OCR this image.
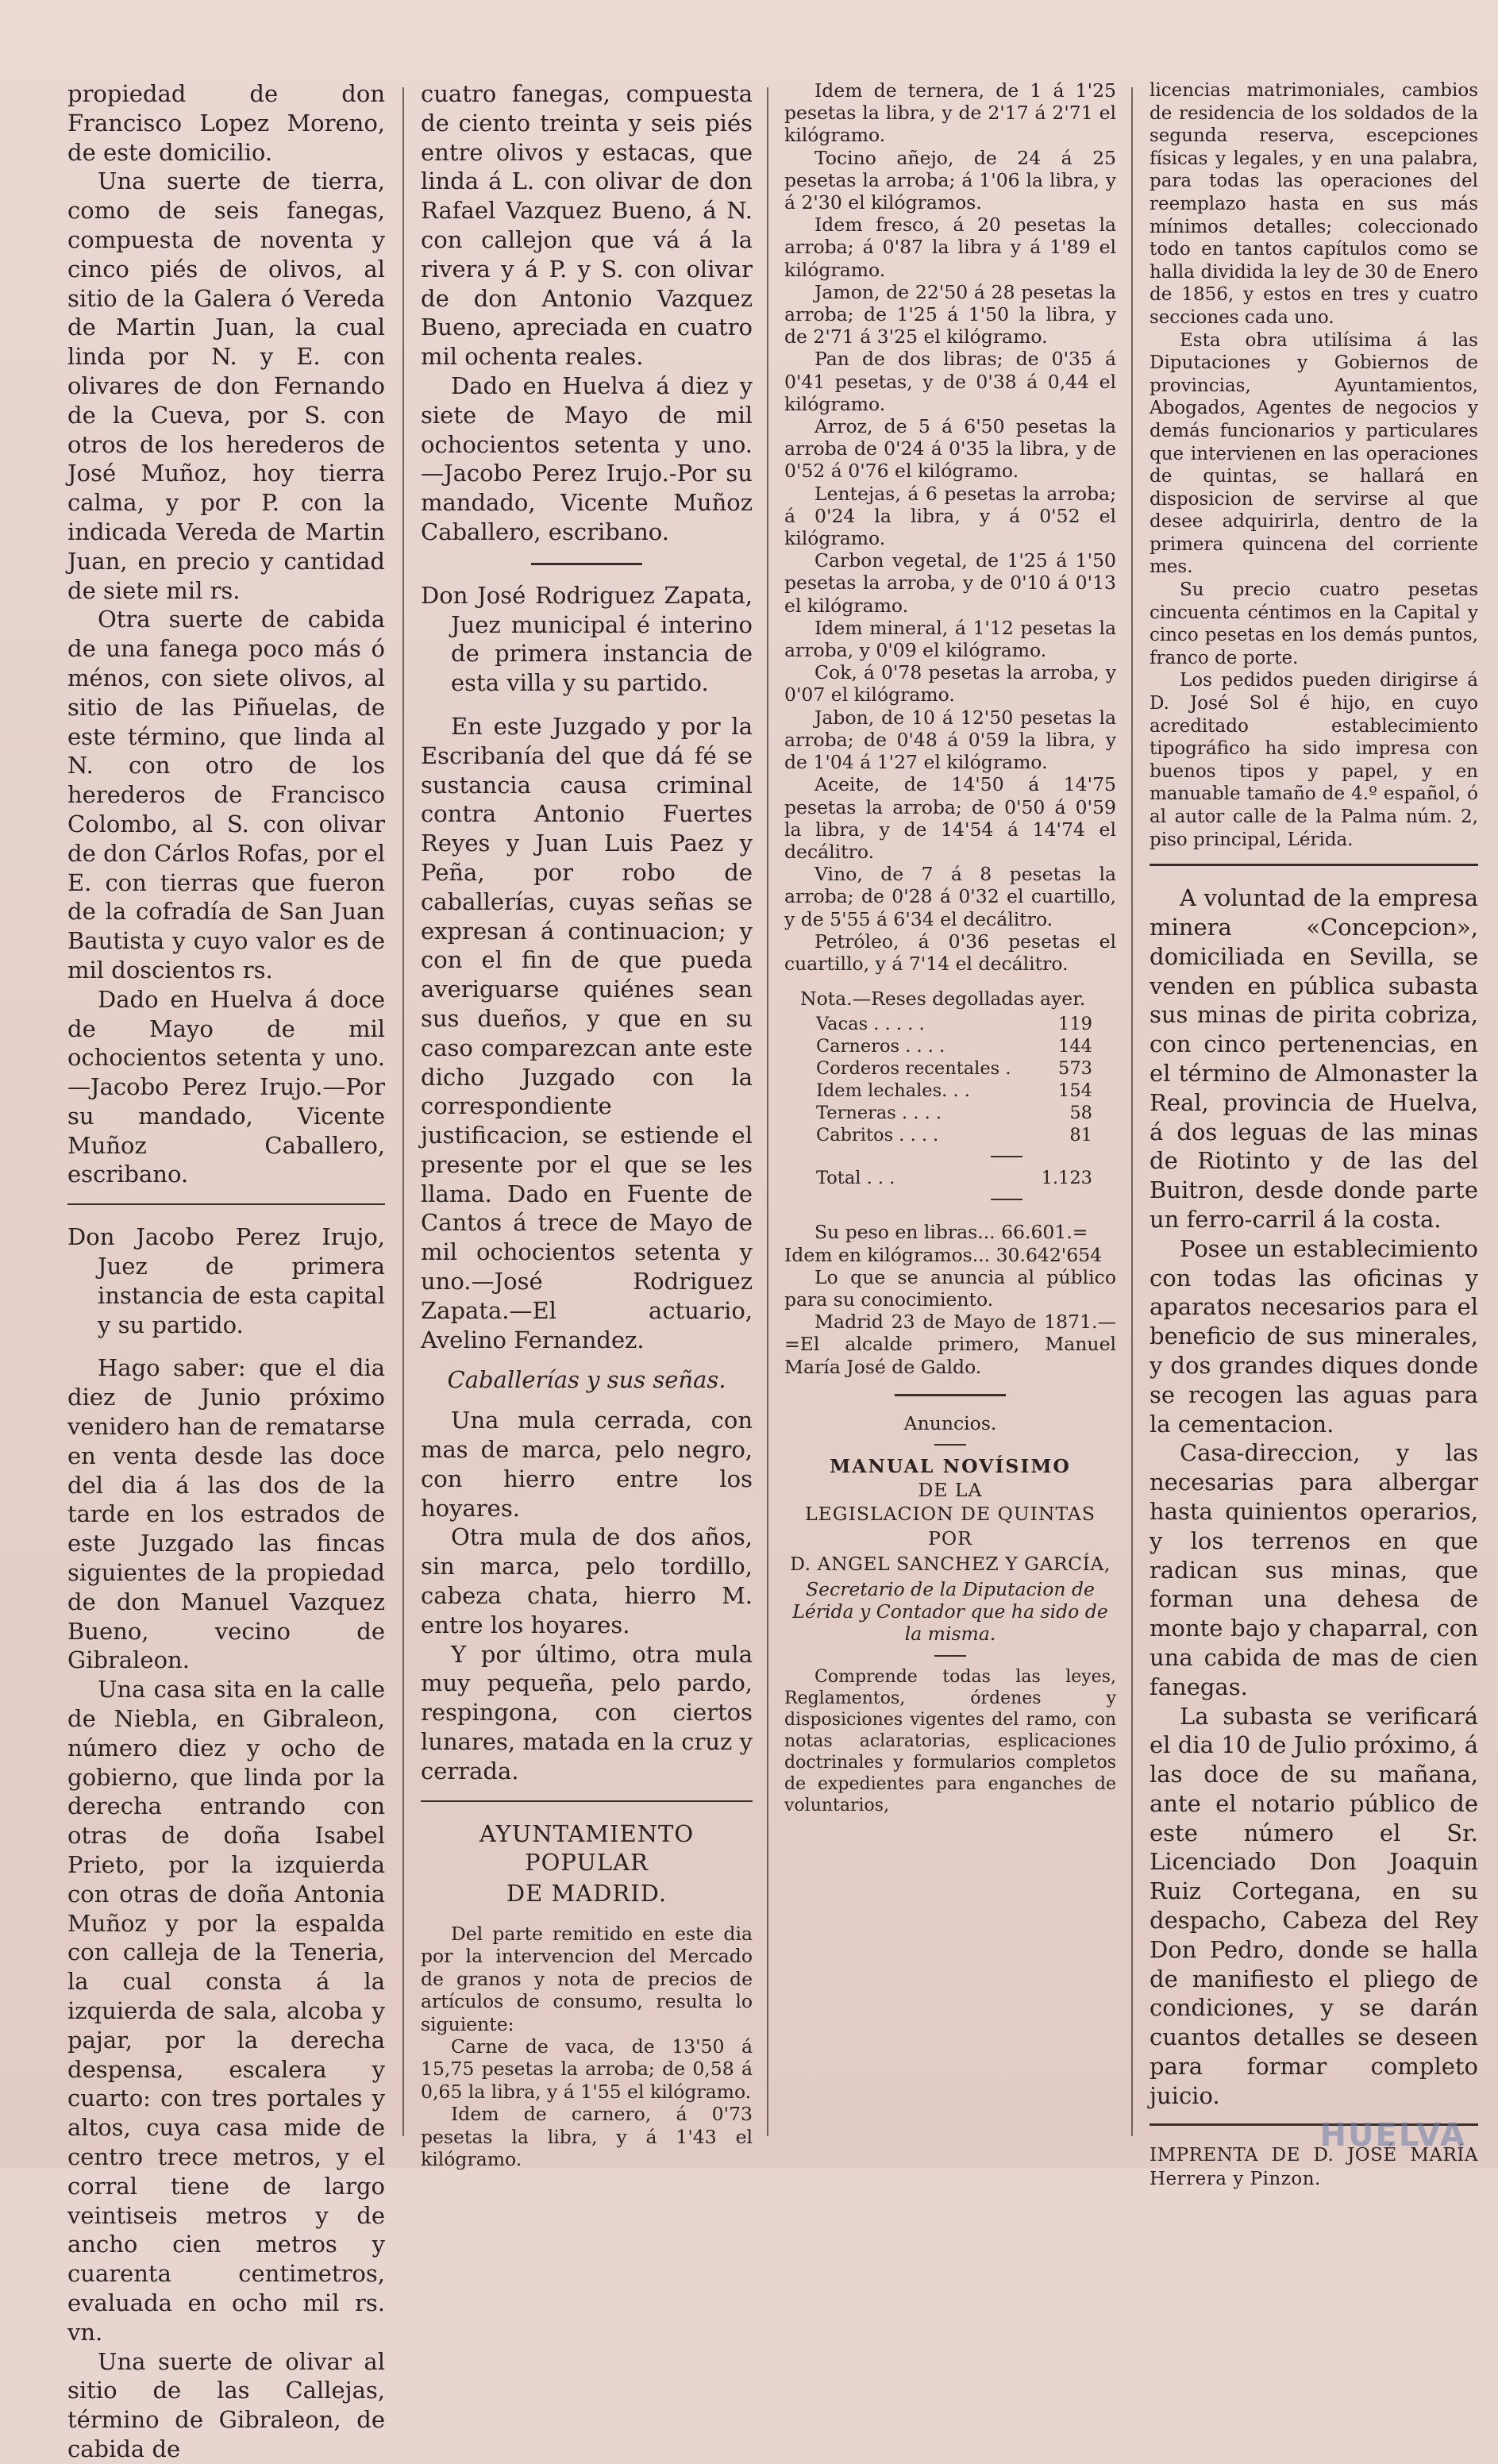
propiedad de don Francisco Lopez Moreno, de este domicilio.

Una suerte de tierra, como de seis fanegas, compuesta de noventa y cinco piés de olivos, al sitio de la Galera ó Vereda de Martin Juan, la cual linda por N. y E. con olivares de don Fernando de la Cueva, por S. con otros de los herederos de José Muñoz, hoy tierra calma, y por P. con la indicada Vereda de Martin Juan, en precio y cantidad de siete mil rs.

Otra suerte de cabida de una fanega poco más ó ménos, con siete olivos, al sitio de las Piñuelas, de este término, que linda al N. con otro de los herederos de Francisco Colombo, al S. con olivar de don Cárlos Rofas, por el E. con tierras que fueron de la cofradía de San Juan Bautista y cuyo valor es de mil doscientos rs.

Dado en Huelva á doce de Mayo de mil ochocientos setenta y uno.—Jacobo Perez Irujo.—Por su mandado, Vicente Muñoz Caballero, escribano.

Don Jacobo Perez Irujo, Juez de primera instancia de esta capital y su partido.

Hago saber: que el dia diez de Junio próximo venidero han de rematarse en venta desde las doce del dia á las dos de la tarde en los estrados de este Juzgado las fincas siguientes de la propiedad de don Manuel Vazquez Bueno, vecino de Gibraleon.

Una casa sita en la calle de Niebla, en Gibraleon, número diez y ocho de gobierno, que linda por la derecha entrando con otras de doña Isabel Prieto, por la izquierda con otras de doña Antonia Muñoz y por la espalda con calleja de la Teneria, la cual consta á la izquierda de sala, alcoba y pajar, por la derecha despensa, escalera y cuarto: con tres portales y altos, cuya casa mide de centro trece metros, y el corral tiene de largo veintiseis metros y de ancho cien metros y cuarenta centimetros, evaluada en ocho mil rs. vn.

Una suerte de olivar al sitio de las Callejas, término de Gibraleon, de cabida de

cuatro fanegas, compuesta de ciento treinta y seis piés entre olivos y estacas, que linda á L. con olivar de don Rafael Vazquez Bueno, á N. con callejon que vá á la rivera y á P. y S. con olivar de don Antonio Vazquez Bueno, apreciada en cuatro mil ochenta reales.

Dado en Huelva á diez y siete de Mayo de mil ochocientos setenta y uno.—Jacobo Perez Irujo.-Por su mandado, Vicente Muñoz Caballero, escribano.

Don José Rodriguez Zapata, Juez municipal é interino de primera instancia de esta villa y su partido.

En este Juzgado y por la Escribanía del que dá fé se sustancia causa criminal contra Antonio Fuertes Reyes y Juan Luis Paez y Peña, por robo de caballerías, cuyas señas se expresan á continuacion; y con el fin de que pueda averiguarse quiénes sean sus dueños, y que en su caso comparezcan ante este dicho Juzgado con la correspondiente justificacion, se estiende el presente por el que se les llama. Dado en Fuente de Cantos á trece de Mayo de mil ochocientos setenta y uno.—José Rodriguez Zapata.—El actuario, Avelino Fernandez.

Caballerías y sus señas.

Una mula cerrada, con mas de marca, pelo negro, con hierro entre los hoyares.

Otra mula de dos años, sin marca, pelo tordillo, cabeza chata, hierro M. entre los hoyares.

Y por último, otra mula muy pequeña, pelo pardo, respingona, con ciertos lunares, matada en la cruz y cerrada.

AYUNTAMIENTO POPULAR

DE MADRID.

Del parte remitido en este dia por la intervencion del Mercado de granos y nota de precios de artículos de consumo, resulta lo siguiente:

Carne de vaca, de 13'50 á 15,75 pesetas la arroba; de 0,58 á 0,65 la libra, y á 1'55 el kilógramo.

Idem de carnero, á 0'73 pesetas la libra, y á 1'43 el kilógramo.

Idem de ternera, de 1 á 1'25 pesetas la libra, y de 2'17 á 2'71 el kilógramo.

Tocino añejo, de 24 á 25 pesetas la arroba; á 1'06 la libra, y á 2'30 el kilógramos.

Idem fresco, á 20 pesetas la arroba; á 0'87 la libra y á 1'89 el kilógramo.

Jamon, de 22'50 á 28 pesetas la arroba; de 1'25 á 1'50 la libra, y de 2'71 á 3'25 el kilógramo.

Pan de dos libras; de 0'35 á 0'41 pesetas, y de 0'38 á 0,44 el kilógramo.

Arroz, de 5 á 6'50 pesetas la arroba de 0'24 á 0'35 la libra, y de 0'52 á 0'76 el kilógramo.

Lentejas, á 6 pesetas la arroba; á 0'24 la libra, y á 0'52 el kilógramo.

Carbon vegetal, de 1'25 á 1'50 pesetas la arroba, y de 0'10 á 0'13 el kilógramo.

Idem mineral, á 1'12 pesetas la arroba, y 0'09 el kilógramo.

Cok, á 0'78 pesetas la arroba, y 0'07 el kilógramo.

Jabon, de 10 á 12'50 pesetas la arroba; de 0'48 á 0'59 la libra, y de 1'04 á 1'27 el kilógramo.

Aceite, de 14'50 á 14'75 pesetas la arroba; de 0'50 á 0'59 la libra, y de 14'54 á 14'74 el decálitro.

Vino, de 7 á 8 pesetas la arroba; de 0'28 á 0'32 el cuartillo, y de 5'55 á 6'34 el decálitro.

Petróleo, á 0'36 pesetas el cuartillo, y á 7'14 el decálitro.

Nota.—Reses degolladas ayer.

Vacas . . . . .	119
Carneros . . . .	144
Corderos recentales .	573
Idem lechales. . .	154
Terneras . . . .	58
Cabritos . . . .	81
Total . . .	1.123

Su peso en libras... 66.601.=

Idem en kilógramos... 30.642'654

Lo que se anuncia al público para su conocimiento.

Madrid 23 de Mayo de 1871.— =El alcalde primero, Manuel María José de Galdo.

Anuncios.

MANUAL NOVÍSIMO

DE LA

LEGISLACION DE QUINTAS

POR

D. ANGEL SANCHEZ Y GARCÍA,

Secretario de la Diputacion de Lérida y Contador que ha sido de la misma.

Comprende todas las leyes, Reglamentos, órdenes y disposiciones vigentes del ramo, con notas aclaratorias, esplicaciones doctrinales y formularios completos de expedientes para enganches de voluntarios,

licencias matrimoniales, cambios de residencia de los soldados de la segunda reserva, escepciones físicas y legales, y en una palabra, para todas las operaciones del reemplazo hasta en sus más mínimos detalles; coleccionado todo en tantos capítulos como se halla dividida la ley de 30 de Enero de 1856, y estos en tres y cuatro secciones cada uno.

Esta obra utilísima á las Diputaciones y Gobiernos de provincias, Ayuntamientos, Abogados, Agentes de negocios y demás funcionarios y particulares que intervienen en las operaciones de quintas, se hallará en disposicion de servirse al que desee adquirirla, dentro de la primera quincena del corriente mes.

Su precio cuatro pesetas cincuenta céntimos en la Capital y cinco pesetas en los demás puntos, franco de porte.

Los pedidos pueden dirigirse á D. José Sol é hijo, en cuyo acreditado establecimiento tipográfico ha sido impresa con buenos tipos y papel, y en manuable tamaño de 4.º español, ó al autor calle de la Palma núm. 2, piso principal, Lérida.

A voluntad de la empresa minera «Concepcion», domiciliada en Sevilla, se venden en pública subasta sus minas de pirita cobriza, con cinco pertenencias, en el término de Almonaster la Real, provincia de Huelva, á dos leguas de las minas de Riotinto y de las del Buitron, desde donde parte un ferro-carril á la costa.

Posee un establecimiento con todas las oficinas y aparatos necesarios para el beneficio de sus minerales, y dos grandes diques donde se recogen las aguas para la cementacion.

Casa-direccion, y las necesarias para albergar hasta quinientos operarios, y los terrenos en que radican sus minas, que forman una dehesa de monte bajo y chaparral, con una cabida de mas de cien fanegas.

La subasta se verificará el dia 10 de Julio próximo, á las doce de su mañana, ante el notario público de este número el Sr. Licenciado Don Joaquin Ruiz Cortegana, en su despacho, Cabeza del Rey Don Pedro, donde se halla de manifiesto el pliego de condiciones, y se darán cuantos detalles se deseen para formar completo juicio.

IMPRENTA DE D. JOSÉ MARÍA Herrera y Pinzon.

HUELVA
